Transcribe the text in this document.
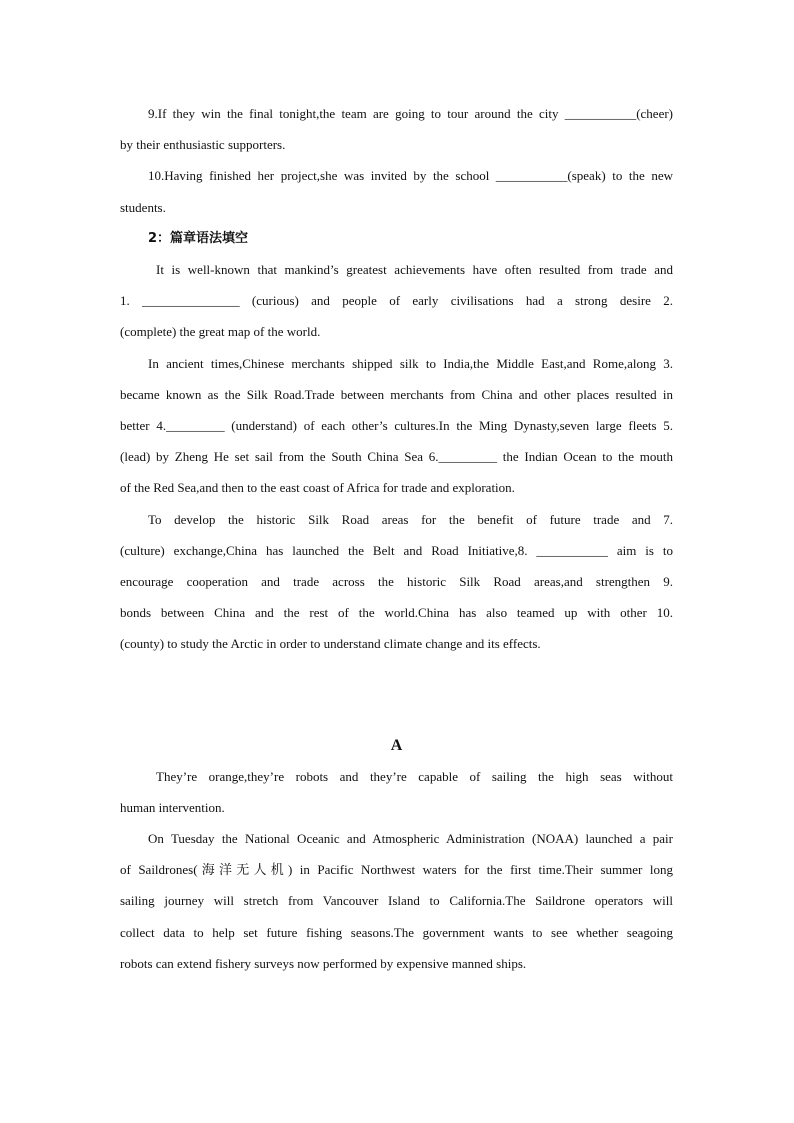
9.If they win the final tonight,the team are going to tour around the city ___________(cheer)

by their enthusiastic supporters.

10.Having finished her project,she was invited by the school ___________(speak) to the new

students.

2：篇章语法填空

It is well-known that mankind’s greatest achievements have often resulted from trade and

1. _______________ (curious) and people of early civilisations had a strong desire 2.

(complete) the great map of the world.

In ancient times,Chinese merchants shipped silk to India,the Middle East,and Rome,along 3.

became known as the Silk Road.Trade between merchants from China and other places resulted in

better 4._________ (understand) of each other’s cultures.In the Ming Dynasty,seven large fleets 5.

(lead) by Zheng He set sail from the South China Sea 6._________ the Indian Ocean to the mouth

of the Red Sea,and then to the east coast of Africa for trade and exploration.

To develop the historic Silk Road areas for the benefit of future trade and 7.

(culture) exchange,China has launched the Belt and Road Initiative,8. ___________ aim is to

encourage cooperation and trade across the historic Silk Road areas,and strengthen 9.

bonds between China and the rest of the world.China has also teamed up with other 10.

(county) to study the Arctic in order to understand climate change and its effects.

A

They’re orange,they’re robots and they’re capable of sailing the high seas without

human intervention.

On Tuesday the National Oceanic and Atmospheric Administration (NOAA) launched a pair

of Saildrones(海洋无人机) in Pacific Northwest waters for the first time.Their summer long

sailing journey will stretch from Vancouver Island to California.The Saildrone operators will

collect data to help set future fishing seasons.The government wants to see whether seagoing

robots can extend fishery surveys now performed by expensive manned ships.
